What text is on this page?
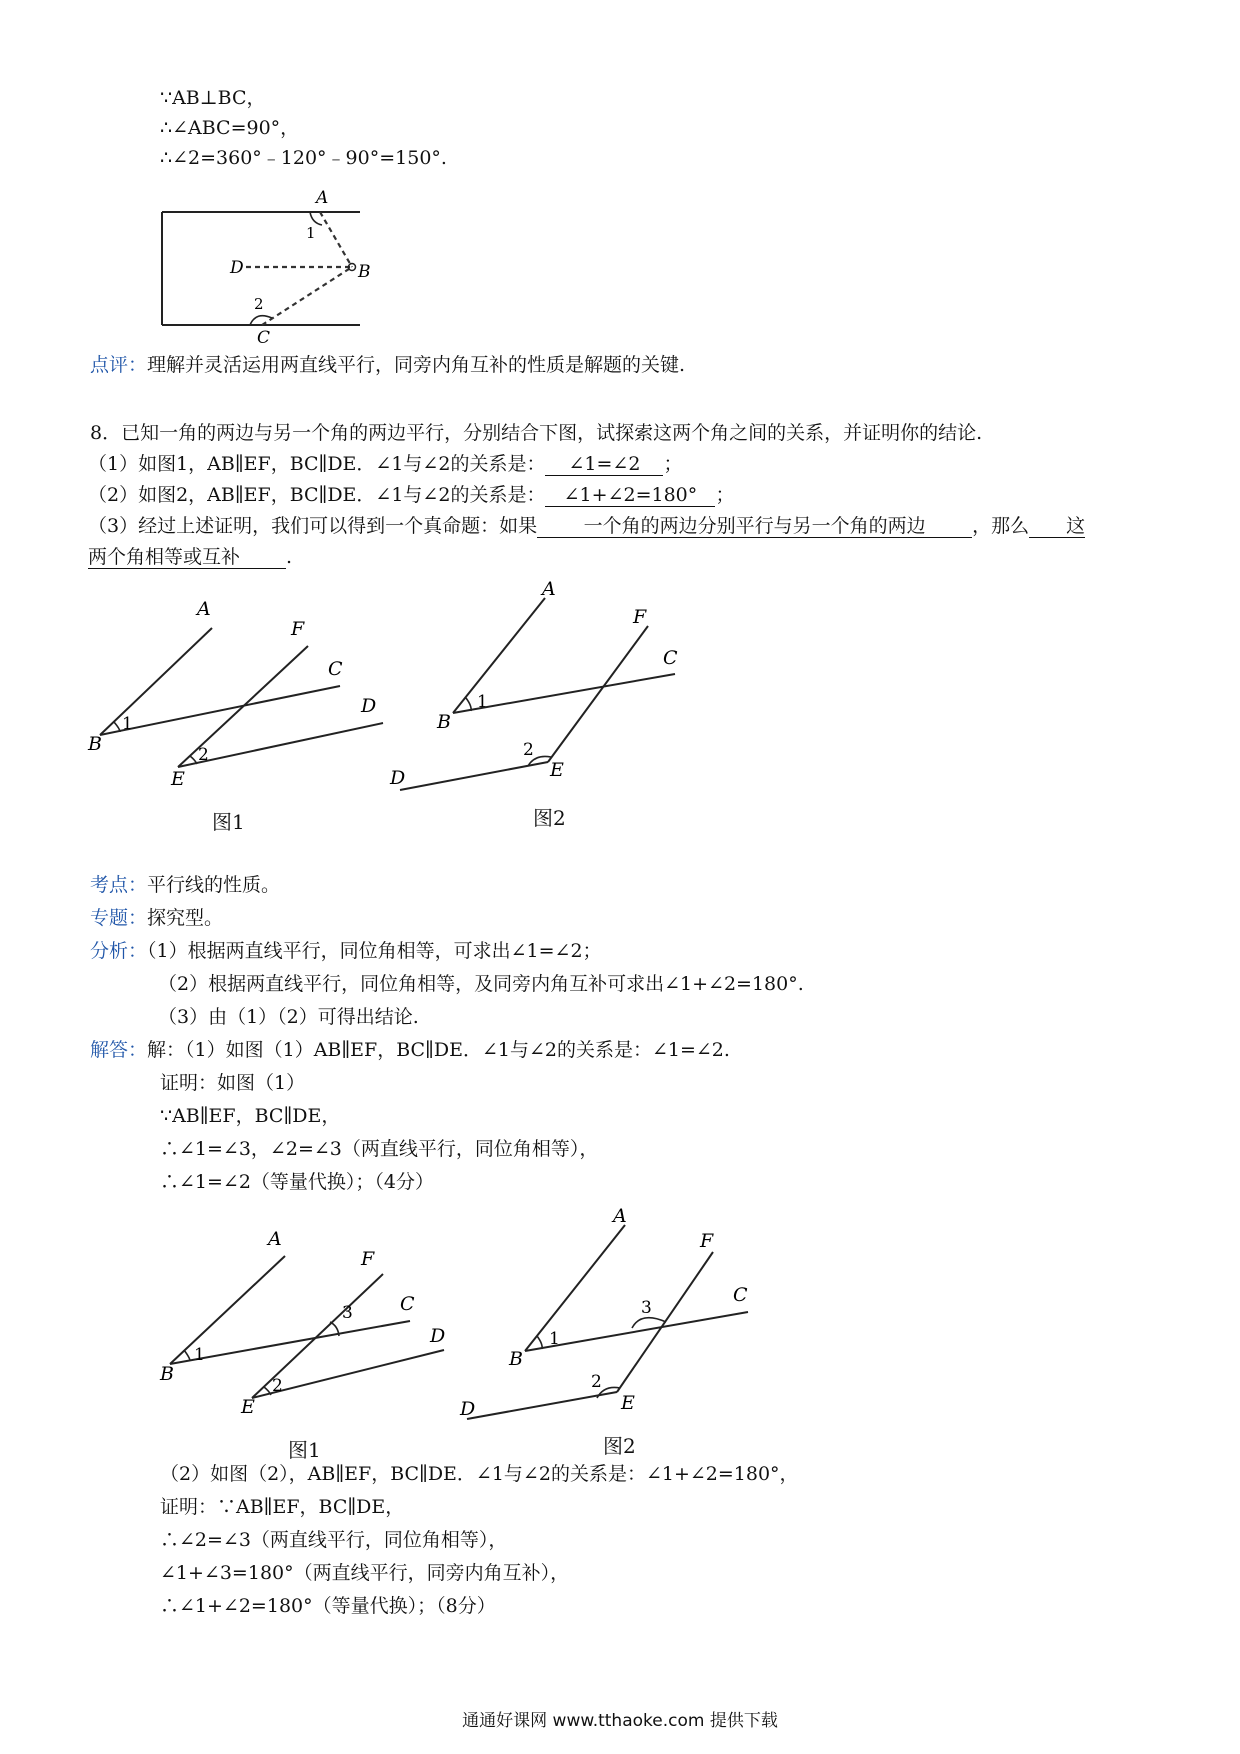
∵AB⊥BC，
∴∠ABC=90°，
∴∠2=360°﹣120°﹣90°=150°.
A
B
C
D
1
2
点评：理解并灵活运用两直线平行，同旁内角互补的性质是解题的关键.
8．已知一角的两边与另一个角的两边平行，分别结合下图，试探索这两个角之间的关系，并证明你的结论.
（1）如图1，AB∥EF，BC∥DE．∠1与∠2的关系是： ∠1=∠2 ；
（2）如图2，AB∥EF，BC∥DE．∠1与∠2的关系是： ∠1+∠2=180° ；
（3）经过上述证明，我们可以得到一个真命题：如果 一个角的两边分别平行与另一个角的两边 ，那么 这
两个角相等或互补 .
A
F
C
D
B
E
1
2
图1
A
F
C
B
E
D
1
2
图2
考点：平行线的性质。
专题：探究型。
分析：（1）根据两直线平行，同位角相等，可求出∠1=∠2；
（2）根据两直线平行，同位角相等，及同旁内角互补可求出∠1+∠2=180°.
（3）由（1）（2）可得出结论.
解答：解：（1）如图（1）AB∥EF，BC∥DE．∠1与∠2的关系是：∠1=∠2.
证明：如图（1）
∵AB∥EF，BC∥DE，
∴∠1=∠3，∠2=∠3（两直线平行，同位角相等），
∴∠1=∠2（等量代换）；（4分）
A
F
C
D
B
E
1
2
3
图1
A
F
C
B
E
D
1
2
3
图2
（2）如图（2），AB∥EF，BC∥DE．∠1与∠2的关系是：∠1+∠2=180°，
证明：∵AB∥EF，BC∥DE，
∴∠2=∠3（两直线平行，同位角相等），
∠1+∠3=180°（两直线平行，同旁内角互补），
∴∠1+∠2=180°（等量代换）；（8分）
通通好课网 www.tthaoke.com 提供下载
